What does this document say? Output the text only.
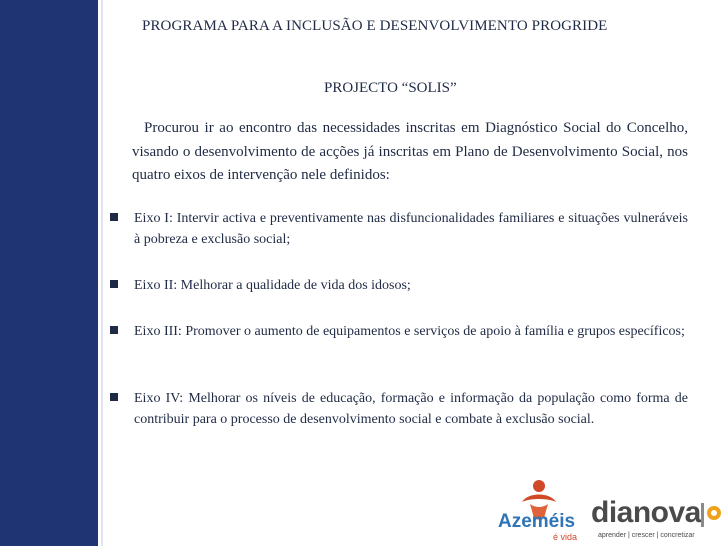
PROGRAMA PARA A INCLUSÃO E DESENVOLVIMENTO PROGRIDE
PROJECTO “SOLIS”
Procurou ir ao encontro das necessidades inscritas em Diagnóstico Social do Concelho, visando o desenvolvimento de acções já inscritas em Plano de Desenvolvimento Social, nos quatro eixos de intervenção nele definidos:
Eixo I: Intervir activa e preventivamente nas disfuncionalidades familiares e situações vulneráveis à pobreza e exclusão social;
Eixo II: Melhorar a qualidade de vida dos idosos;
Eixo III: Promover o aumento de equipamentos e serviços de apoio à família e grupos específicos;
Eixo IV: Melhorar os níveis de educação, formação e informação da população como forma de contribuir para o processo de desenvolvimento social e combate à exclusão social.
Azeméis
é vida
dianova
aprender | crescer | concretizar
